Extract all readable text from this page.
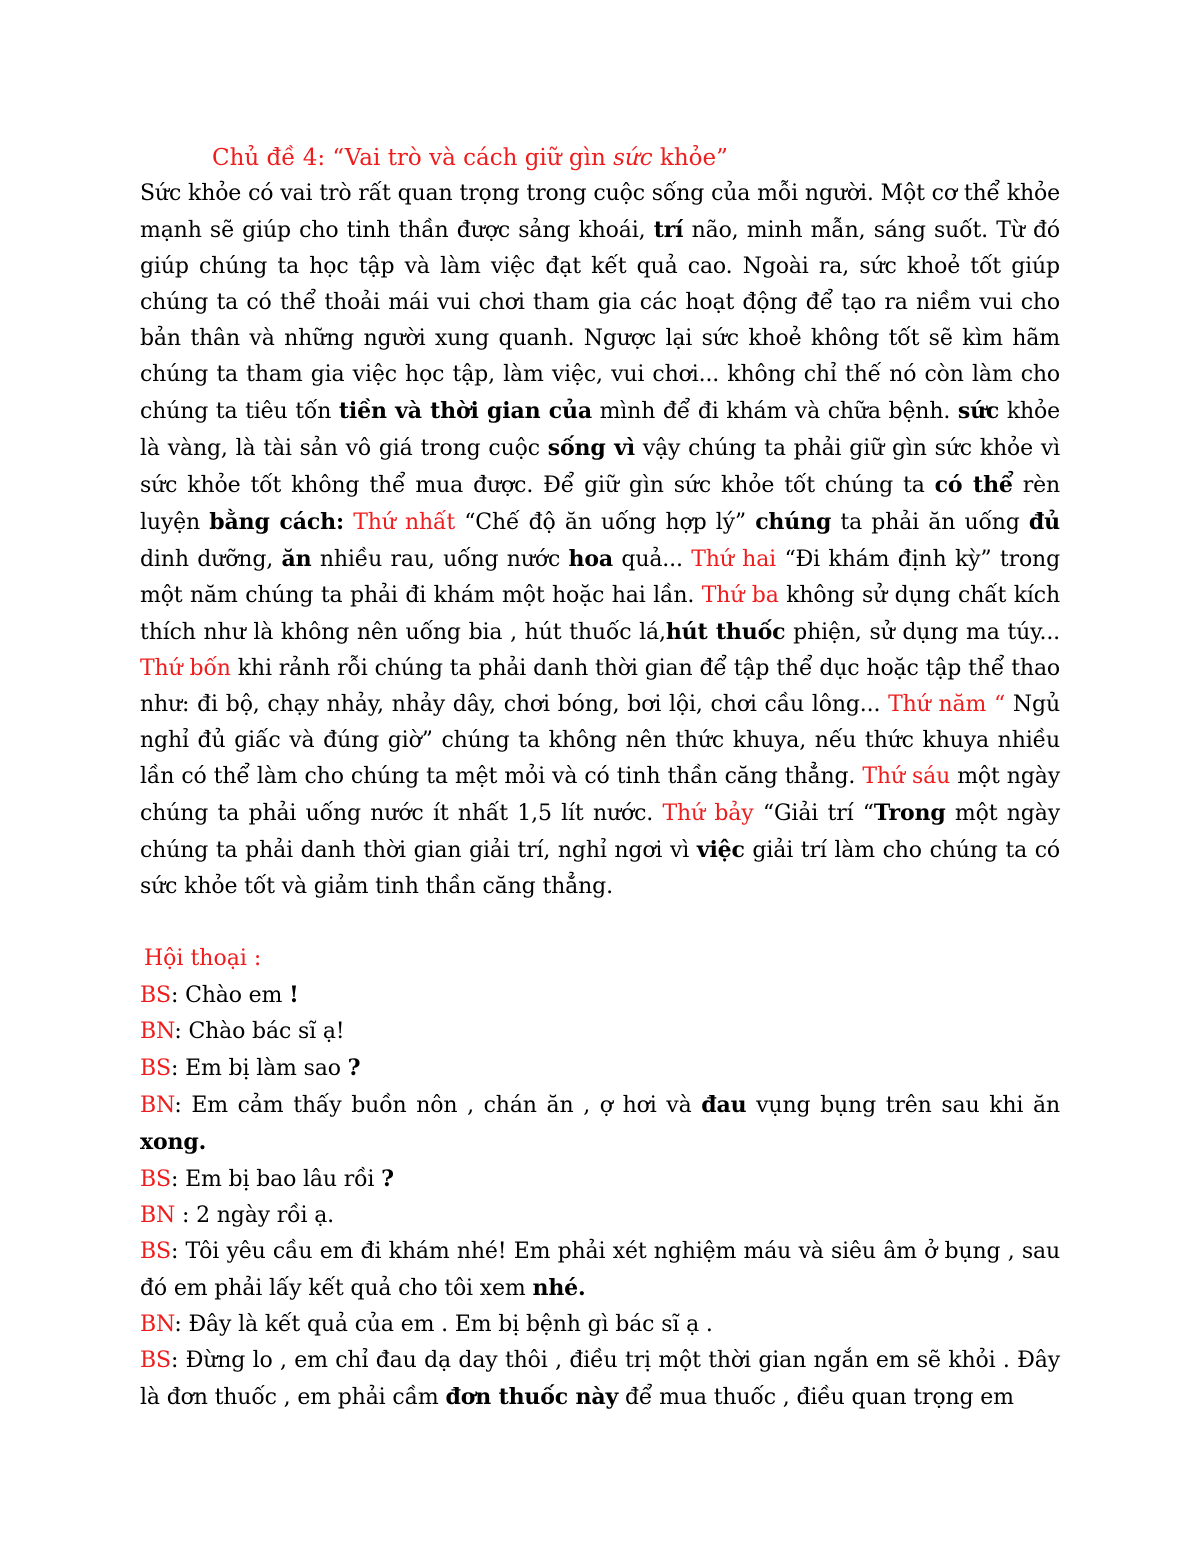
Chủ đề 4: “Vai trò và cách giữ gìn sức khỏe”

Sức khỏe có vai trò rất quan trọng trong cuộc sống của mỗi người. Một cơ thể khỏe mạnh sẽ giúp cho tinh thần được sảng khoái, trí não, minh mẫn, sáng suốt. Từ đó giúp chúng ta học tập và làm việc đạt kết quả cao. Ngoài ra, sức khoẻ tốt giúp chúng ta có thể thoải mái vui chơi tham gia các hoạt động để tạo ra niềm vui cho bản thân và những người xung quanh. Ngược lại sức khoẻ không tốt sẽ kìm hãm chúng ta tham gia việc học tập, làm việc, vui chơi... không chỉ thế nó còn làm cho chúng ta tiêu tốn tiền và thời gian của mình để đi khám và chữa bệnh. sức khỏe là vàng, là tài sản vô giá trong cuộc sống vì vậy chúng ta phải giữ gìn sức khỏe vì sức khỏe tốt không thể mua được. Để giữ gìn sức khỏe tốt chúng ta có thể rèn luyện bằng cách: Thứ nhất “Chế độ ăn uống hợp lý” chúng ta phải ăn uống đủ dinh dưỡng, ăn nhiều rau, uống nước hoa quả... Thứ hai “Đi khám định kỳ” trong một năm chúng ta phải đi khám một hoặc hai lần. Thứ ba không sử dụng chất kích thích như là không nên uống bia , hút thuốc lá,hút thuốc phiện, sử dụng ma túy... Thứ bốn khi rảnh rỗi chúng ta phải danh thời gian để tập thể dục hoặc tập thể thao như: đi bộ, chạy nhảy, nhảy dây, chơi bóng, bơi lội, chơi cầu lông... Thứ năm “ Ngủ nghỉ đủ giấc và đúng giờ” chúng ta không nên thức khuya, nếu thức khuya nhiều lần có thể làm cho chúng ta mệt mỏi và có tinh thần căng thẳng. Thứ sáu một ngày chúng ta phải uống nước ít nhất 1,5 lít nước. Thứ bảy “Giải trí “Trong một ngày chúng ta phải danh thời gian giải trí, nghỉ ngơi vì việc giải trí làm cho chúng ta có sức khỏe tốt và giảm tinh thần căng thẳng.

Hội thoại :

BS: Chào em !

BN: Chào bác sĩ ạ!

BS: Em bị làm sao ?

BN: Em cảm thấy buồn nôn , chán ăn , ợ hơi và đau vụng bụng trên sau khi ăn xong.

BS: Em bị bao lâu rồi ?

BN : 2 ngày rồi ạ.

BS: Tôi yêu cầu em đi khám nhé! Em phải xét nghiệm máu và siêu âm ở bụng , sau đó em phải lấy kết quả cho tôi xem nhé.

BN: Đây là kết quả của em . Em bị bệnh gì bác sĩ ạ .

BS: Đừng lo , em chỉ đau dạ day thôi , điều trị một thời gian ngắn em sẽ khỏi . Đây là đơn thuốc , em phải cầm đơn thuốc này để mua thuốc , điều quan trọng em
